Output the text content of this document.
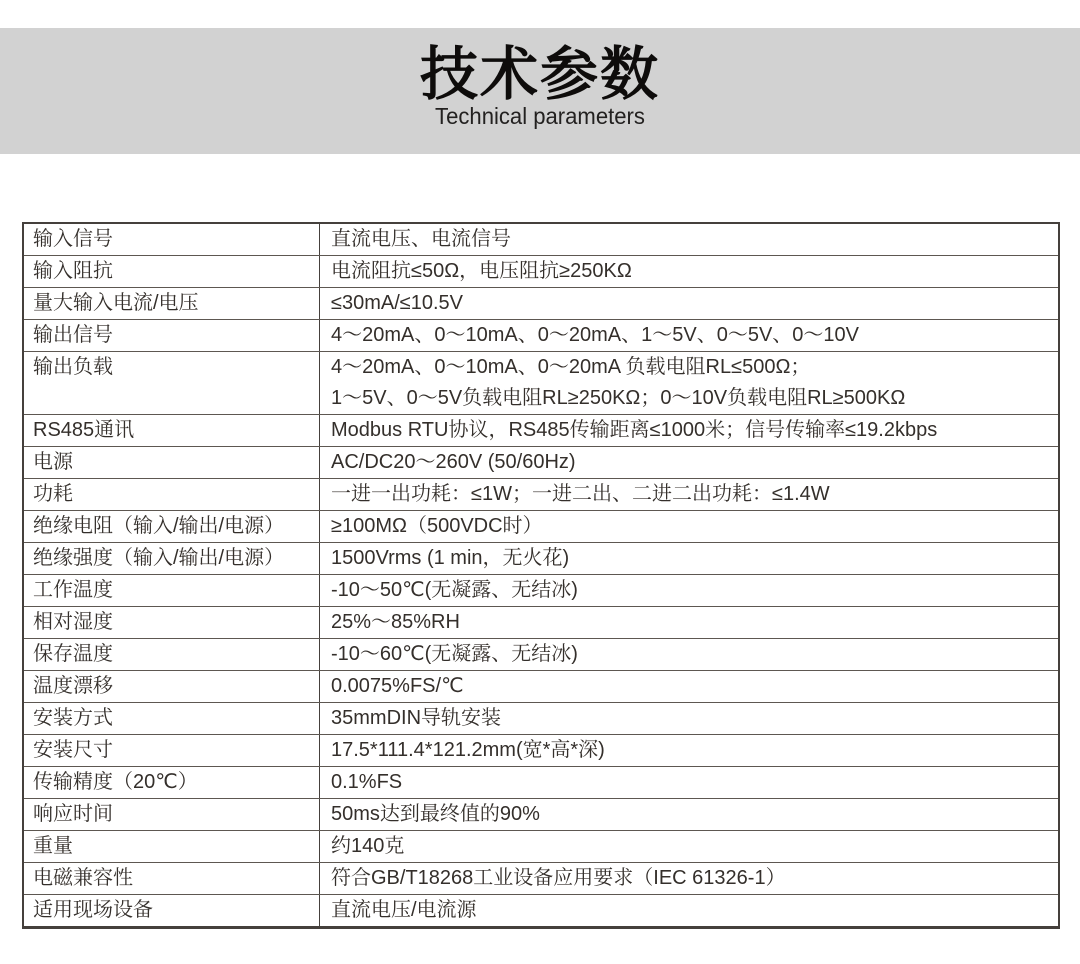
技术参数
Technical parameters
输入信号	直流电压、电流信号
输入阻抗	电流阻抗≤50Ω，电压阻抗≥250KΩ
量大输入电流/电压	≤30mA/≤10.5V
输出信号	4～20mA、0～10mA、0～20mA、1～5V、0～5V、0～10V
输出负载	4～20mA、0～10mA、0～20mA 负载电阻RL≤500Ω；
1～5V、0～5V负载电阻RL≥250KΩ；0～10V负载电阻RL≥500KΩ
RS485通讯	Modbus RTU协议，RS485传输距离≤1000米；信号传输率≤19.2kbps
电源	AC/DC20～260V (50/60Hz)
功耗	一进一出功耗：≤1W；一进二出、二进二出功耗：≤1.4W
绝缘电阻（输入/输出/电源）	≥100MΩ（500VDC时）
绝缘强度（输入/输出/电源）	1500Vrms (1 min，无火花)
工作温度	-10～50℃(无凝露、无结冰)
相对湿度	25%～85%RH
保存温度	-10～60℃(无凝露、无结冰)
温度漂移	0.0075%FS/℃
安装方式	35mmDIN导轨安装
安装尺寸	17.5*111.4*121.2mm(宽*高*深)
传输精度（20℃）	0.1%FS
响应时间	50ms达到最终值的90%
重量	约140克
电磁兼容性	符合GB/T18268工业设备应用要求（IEC 61326-1）
适用现场设备	直流电压/电流源
